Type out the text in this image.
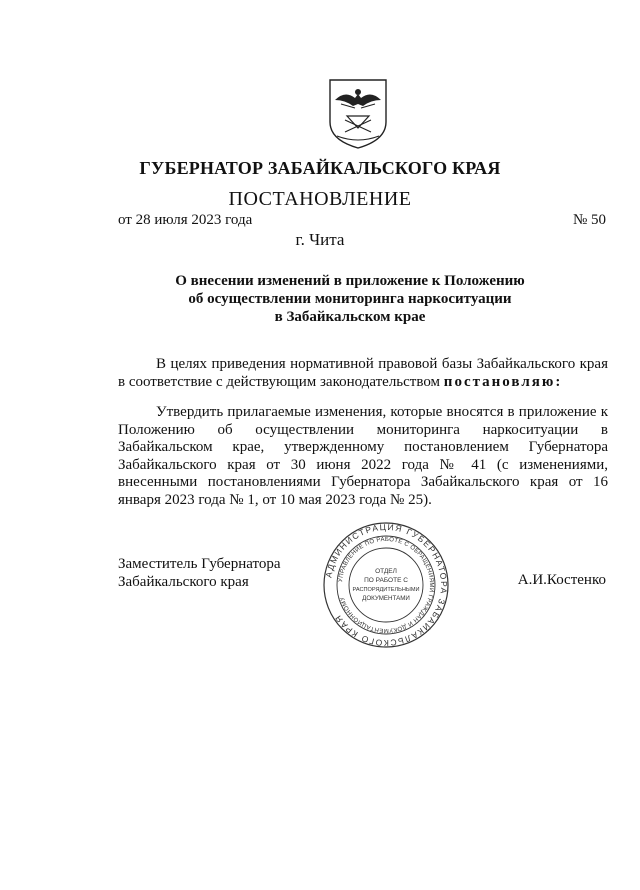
ГУБЕРНАТОР ЗАБАЙКАЛЬСКОГО КРАЯ
ПОСТАНОВЛЕНИЕ
от 28 июля 2023 года	№ 50
г. Чита
О внесении изменений в приложение к Положению
об осуществлении мониторинга наркоситуации
в Забайкальском крае
В целях приведения нормативной правовой базы Забайкальского края в соответствие с действующим законодательством постановляю:
Утвердить прилагаемые изменения, которые вносятся в приложение к Положению об осуществлении мониторинга наркоситуации в Забайкальском крае, утвержденному постановлением Губернатора Забайкальского края от 30 июня 2022 года № 41 (с изменениями, внесенными постановлениями Губернатора Забайкальского края от 16 января 2023 года № 1, от 10 мая 2023 года № 25).
Заместитель Губернатора
Забайкальского края	А.И.Костенко
АДМИНИСТРАЦИЯ ГУБЕРНАТОРА ЗАБАЙКАЛЬСКОГО КРАЯ
УПРАВЛЕНИЕ ПО РАБОТЕ С ОБРАЩЕНИЯМИ ГРАЖДАН И ДОКУМЕНТАЦИОННОМУ
ОТДЕЛ
ПО РАБОТЕ С
РАСПОРЯДИТЕЛЬНЫМИ
ДОКУМЕНТАМИ
